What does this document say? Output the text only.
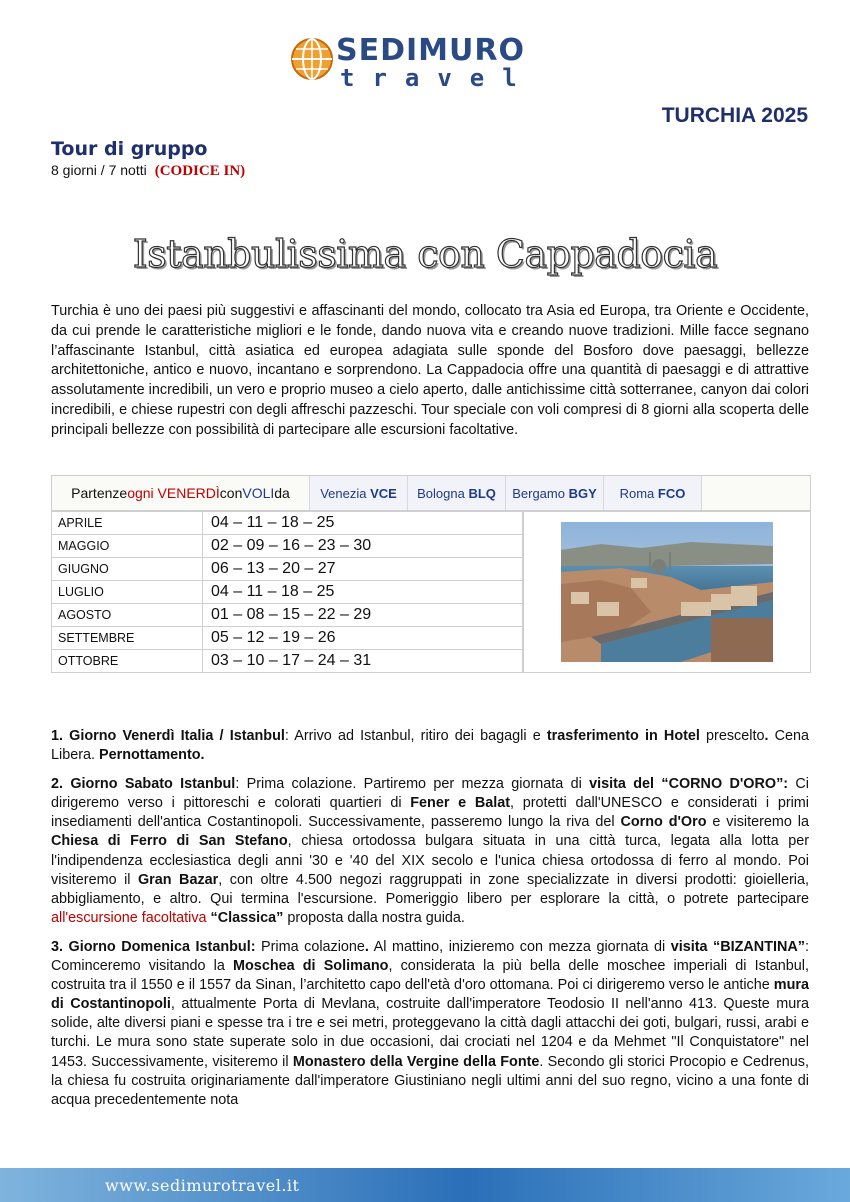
SEDIMURO
travel
TURCHIA 2025
Tour di gruppo
8 giorni / 7 notti (CODICE IN)
Istanbulissima con Cappadocia
Turchia è uno dei paesi più suggestivi e affascinanti del mondo, collocato tra Asia ed Europa, tra Oriente e Occidente, da cui prende le caratteristiche migliori e le fonde, dando nuova vita e creando nuove tradizioni. Mille facce segnano l’affascinante Istanbul, città asiatica ed europea adagiata sulle sponde del Bosforo dove paesaggi, bellezze architettoniche, antico e nuovo, incantano e sorprendono. La Cappadocia offre una quantità di paesaggi e di attrattive assolutamente incredibili, un vero e proprio museo a cielo aperto, dalle antichissime città sotterranee, canyon dai colori incredibili, e chiese rupestri con degli affreschi pazzeschi. Tour speciale con voli compresi di 8 giorni alla scoperta delle principali bellezze con possibilità di partecipare alle escursioni facoltative.
Partenze ogni VENERDÌ con VOLI da Venezia
VCE Bologna
BLQ Bergamo
BGY Roma
FCO
APRILE	04 – 11 – 18 – 25
MAGGIO	02 – 09 – 16 – 23 – 30
GIUGNO	06 – 13 – 20 – 27
LUGLIO	04 – 11 – 18 – 25
AGOSTO	01 – 08 – 15 – 22 – 29
SETTEMBRE	05 – 12 – 19 – 26
OTTOBRE	03 – 10 – 17 – 24 – 31

1. Giorno Venerdì Italia / Istanbul: Arrivo ad Istanbul, ritiro dei bagagli e trasferimento in Hotel prescelto. Cena Libera. Pernottamento.

2. Giorno Sabato Istanbul: Prima colazione. Partiremo per mezza giornata di visita del “CORNO D'ORO”: Ci dirigeremo verso i pittoreschi e colorati quartieri di Fener e Balat, protetti dall'UNESCO e considerati i primi insediamenti dell'antica Costantinopoli. Successivamente, passeremo lungo la riva del Corno d'Oro e visiteremo la Chiesa di Ferro di San Stefano, chiesa ortodossa bulgara situata in una città turca, legata alla lotta per l'indipendenza ecclesiastica degli anni '30 e '40 del XIX secolo e l'unica chiesa ortodossa di ferro al mondo. Poi visiteremo il Gran Bazar, con oltre 4.500 negozi raggruppati in zone specializzate in diversi prodotti: gioielleria, abbigliamento, e altro. Qui termina l'escursione. Pomeriggio libero per esplorare la città, o potrete partecipare all'escursione facoltativa “Classica” proposta dalla nostra guida.

3. Giorno Domenica Istanbul: Prima colazione. Al mattino, inizieremo con mezza giornata di visita “BIZANTINA”: Cominceremo visitando la Moschea di Solimano, considerata la più bella delle moschee imperiali di Istanbul, costruita tra il 1550 e il 1557 da Sinan, l’architetto capo dell'età d'oro ottomana. Poi ci dirigeremo verso le antiche mura di Costantinopoli, attualmente Porta di Mevlana, costruite dall'imperatore Teodosio II nell'anno 413. Queste mura solide, alte diversi piani e spesse tra i tre e sei metri, proteggevano la città dagli attacchi dei goti, bulgari, russi, arabi e turchi. Le mura sono state superate solo in due occasioni, dai crociati nel 1204 e da Mehmet "Il Conquistatore" nel 1453. Successivamente, visiteremo il Monastero della Vergine della Fonte. Secondo gli storici Procopio e Cedrenus, la chiesa fu costruita originariamente dall'imperatore Giustiniano negli ultimi anni del suo regno, vicino a una fonte di acqua precedentemente nota

www.sedimurotravel.it
